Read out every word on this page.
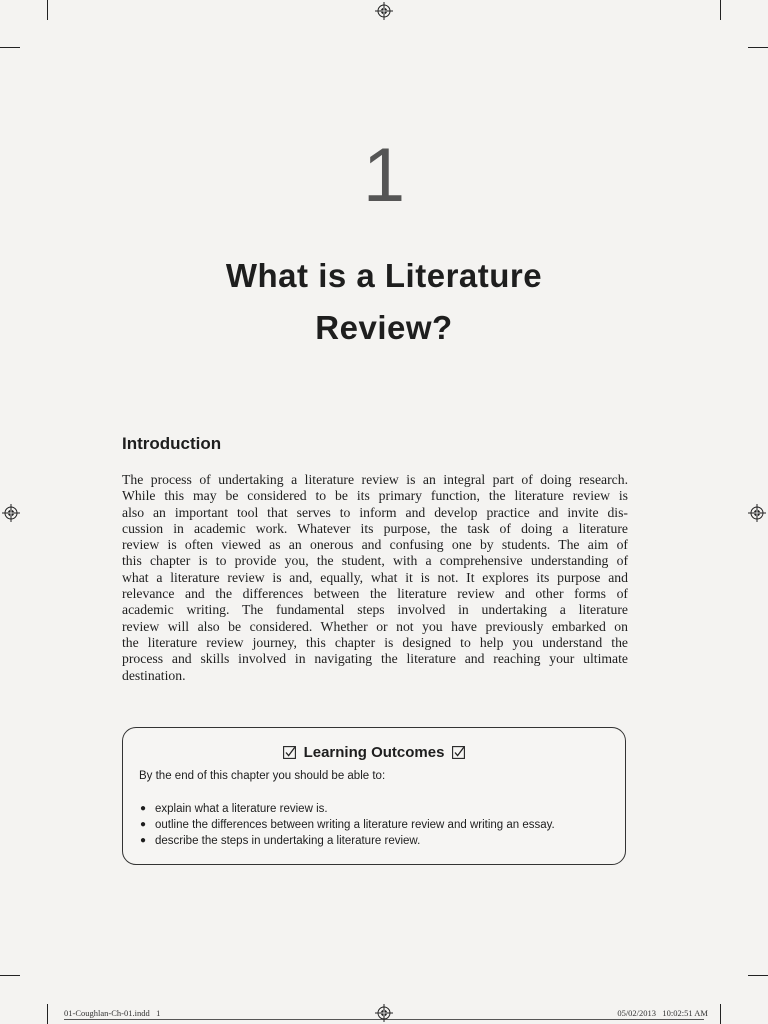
1
What is a Literature
Review?
Introduction
The process of undertaking a literature review is an integral part of doing research.
While this may be considered to be its primary function, the literature review is
also an important tool that serves to inform and develop practice and invite dis-
cussion in academic work. Whatever its purpose, the task of doing a literature
review is often viewed as an onerous and confusing one by students. The aim of
this chapter is to provide you, the student, with a comprehensive understanding of
what a literature review is and, equally, what it is not. It explores its purpose and
relevance and the differences between the literature review and other forms of
academic writing. The fundamental steps involved in undertaking a literature
review will also be considered. Whether or not you have previously embarked on
the literature review journey, this chapter is designed to help you understand the
process and skills involved in navigating the literature and reaching your ultimate
destination.
Learning Outcomes
By the end of this chapter you should be able to:
● explain what a literature review is.
● outline the differences between writing a literature review and writing an essay.
● describe the steps in undertaking a literature review.
01-Coughlan-Ch-01.indd   1	05/02/2013   10:02:51 AM
